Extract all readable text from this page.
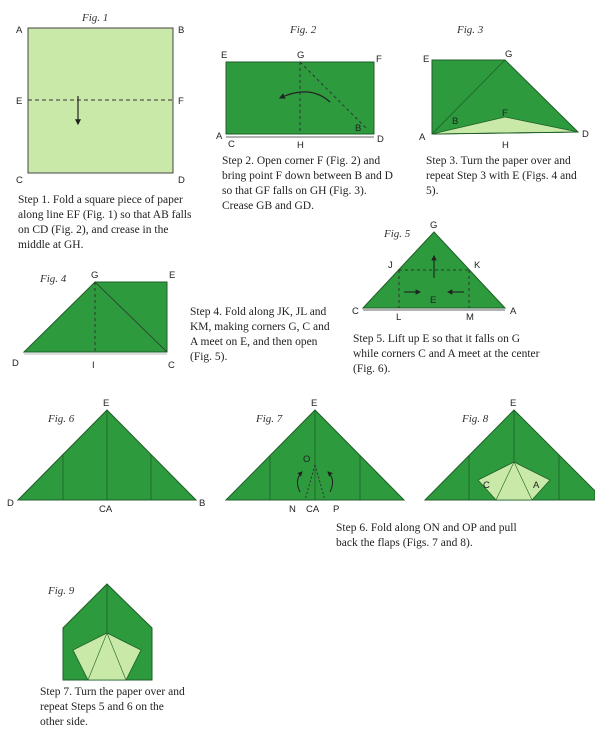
Fig. 1
A	B
C	D
E	F
Fig. 2
E	G	F
H
B
A
C	D
Fig. 3
E	G
F
B
A
H
D
Fig. 4	G	E
D	I	C
Fig. 5
G
J	K
E
C
L	M
A
Fig. 6
E
D
CA
B
Fig. 7
E
O
N CA P
Fig. 8
E
C	A
Fig. 9

Step 1. Fold a square piece of paper along line EF (Fig. 1) so that AB falls on CD (Fig. 2), and crease in the middle at GH.

Step 2. Open corner F (Fig. 2) and bring point F down between B and D so that GF falls on GH (Fig. 3). Crease GB and GD.

Step 3. Turn the paper over and repeat Step 3 with E (Figs. 4 and 5).

Step 4. Fold along JK, JL and KM, making corners G, C and A meet on E, and then open (Fig. 5).

Step 5. Lift up E so that it falls on G while corners C and A meet at the center (Fig. 6).

Step 6. Fold along ON and OP and pull back the flaps (Figs. 7 and 8).

Step 7. Turn the paper over and repeat Steps 5 and 6 on the other side.
